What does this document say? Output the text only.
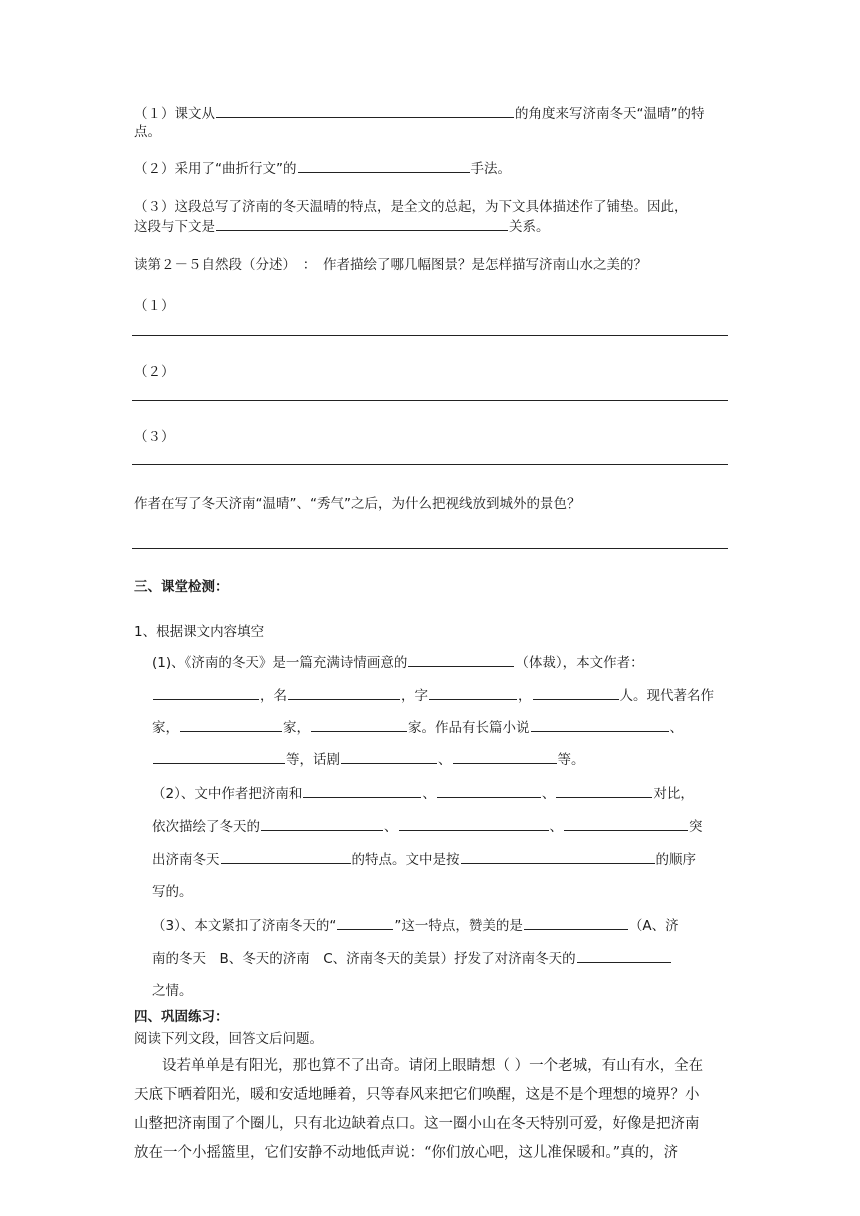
（１）课文从	的角度来写济南冬天“温晴”的特
点。
（２）采用了“曲折行文”的	手法。
（３）这段总写了济南的冬天温晴的特点，是全文的总起，为下文具体描述作了铺垫。因此，
这段与下文是	关系。
读第２－５自然段（分述）　：　作者描绘了哪几幅图景？是怎样描写济南山水之美的？
（１）
（２）
（３）
作者在写了冬天济南“温晴”、“秀气”之后，为什么把视线放到城外的景色？
三、课堂检测：
1、根据课文内容填空
(1)、《济南的冬天》是一篇充满诗情画意的	（体裁），本文作者：
，名	，字	，	人。现代著名作
家，	家，	家。作品有长篇小说	、
等，话剧	、	等。
（2）、文中作者把济南和	、	、	对比，
依次描绘了冬天的	、	、	突
出济南冬天	的特点。文中是按	的顺序
写的。
（3）、本文紧扣了济南冬天的“	”这一特点，赞美的是	（A、济
南的冬天　B、冬天的济南　C、济南冬天的美景）抒发了对济南冬天的
之情。
四、巩固练习：
阅读下列文段，回答文后问题。
设若单单是有阳光，那也算不了出奇。请闭上眼睛想（ ）一个老城，有山有水，全在
天底下晒着阳光，暖和安适地睡着，只等春风来把它们唤醒，这是不是个理想的境界？小
山整把济南围了个圈儿，只有北边缺着点口。这一圈小山在冬天特别可爱，好像是把济南
放在一个小摇篮里，它们安静不动地低声说：“你们放心吧，这儿准保暖和。”真的，济
